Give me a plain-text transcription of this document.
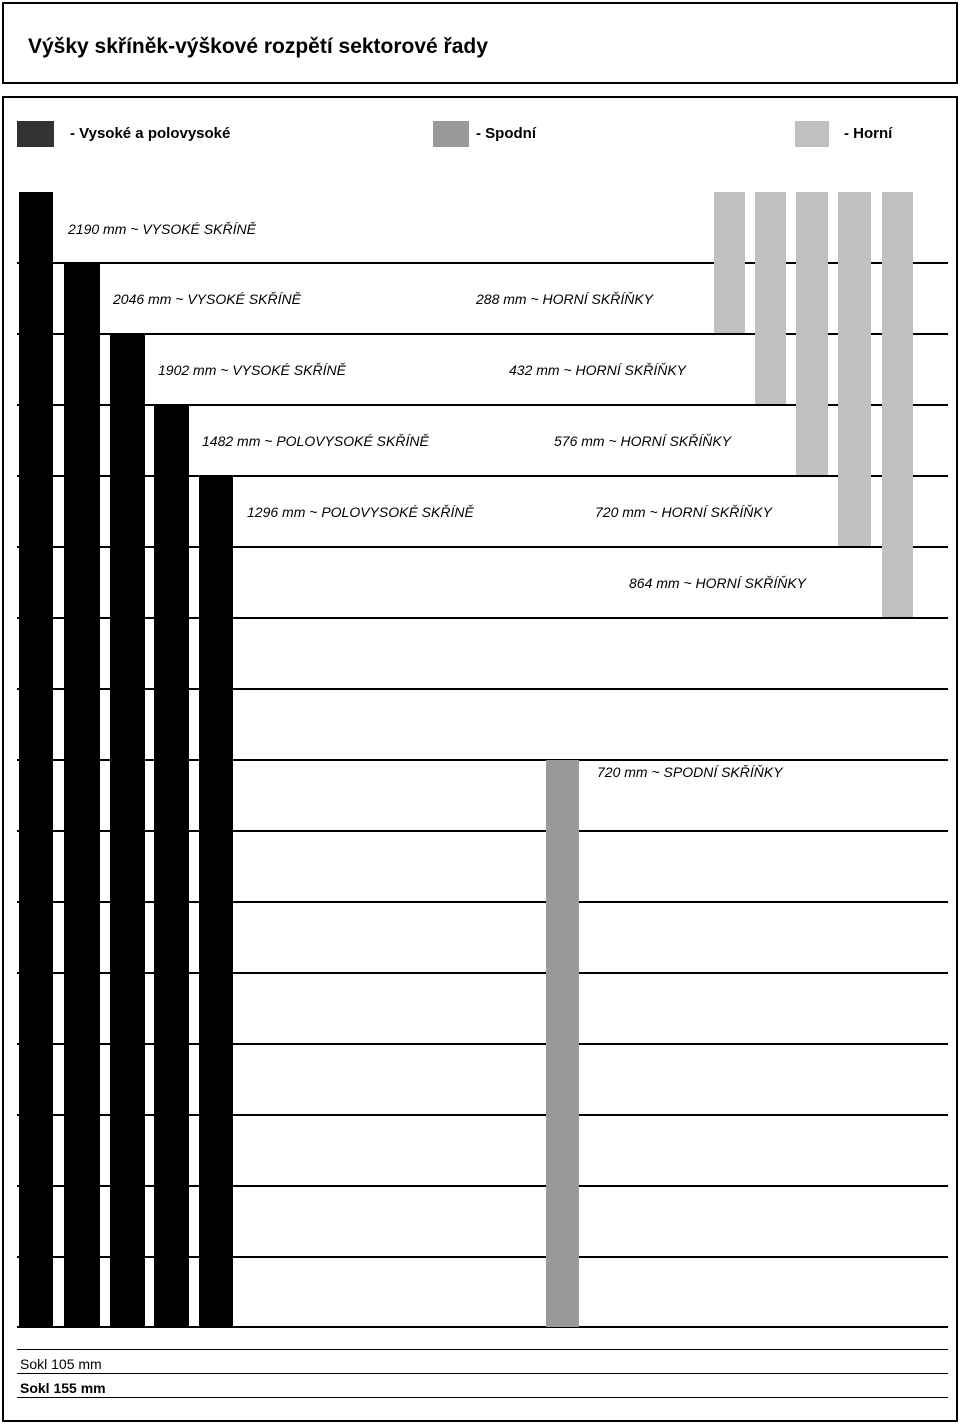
Výšky skříněk-výškové rozpětí sektorové řady
- Vysoké a polovysoké	- Spodní	- Horní
2190 mm ~ VYSOKÉ SKŘÍNĚ
2046 mm ~ VYSOKÉ SKŘÍNĚ
1902 mm ~ VYSOKÉ SKŘÍNĚ
1482 mm ~ POLOVYSOKÉ SKŘÍNĚ
1296 mm ~ POLOVYSOKÉ SKŘÍNĚ
288 mm ~ HORNÍ SKŘÍŇKY
432 mm ~ HORNÍ SKŘÍŇKY
576 mm ~ HORNÍ SKŘÍŇKY
720 mm ~ HORNÍ SKŘÍŇKY
864 mm ~ HORNÍ SKŘÍŇKY
720 mm ~ SPODNÍ SKŘÍŇKY
Sokl 105 mm
Sokl 155 mm
